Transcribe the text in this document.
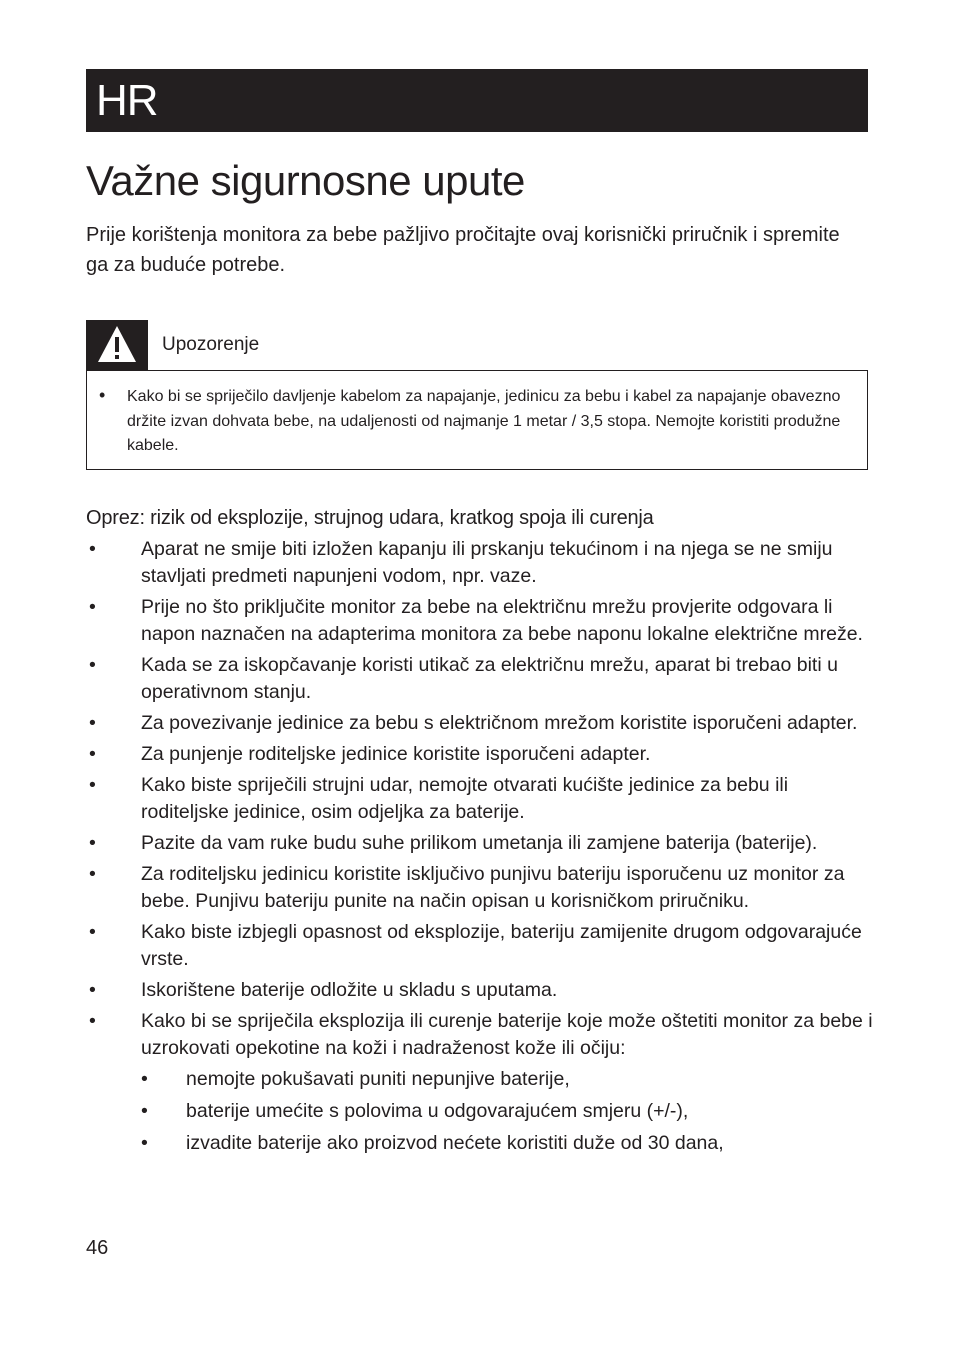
HR
Važne sigurnosne upute

Prije korištenja monitora za bebe pažljivo pročitajte ovaj korisnički priručnik i spremite ga za buduće potrebe.

Upozorenje
• Kako bi se spriječilo davljenje kabelom za napajanje, jedinicu za bebu i kabel za napajanje obavezno držite izvan dohvata bebe, na udaljenosti od najmanje 1 metar / 3,5 stopa. Nemojte koristiti produžne kabele.

Oprez: rizik od eksplozije, strujnog udara, kratkog spoja ili curenja
• Aparat ne smije biti izložen kapanju ili prskanju tekućinom i na njega se ne smiju stavljati predmeti napunjeni vodom, npr. vaze.
• Prije no što priključite monitor za bebe na električnu mrežu provjerite odgovara li napon naznačen na adapterima monitora za bebe naponu lokalne električne mreže.
• Kada se za iskopčavanje koristi utikač za električnu mrežu, aparat bi trebao biti u operativnom stanju.
• Za povezivanje jedinice za bebu s električnom mrežom koristite isporučeni adapter.
• Za punjenje roditeljske jedinice koristite isporučeni adapter.
• Kako biste spriječili strujni udar, nemojte otvarati kućište jedinice za bebu ili roditeljske jedinice, osim odjeljka za baterije.
• Pazite da vam ruke budu suhe prilikom umetanja ili zamjene baterija (baterije).
• Za roditeljsku jedinicu koristite isključivo punjivu bateriju isporučenu uz monitor za bebe. Punjivu bateriju punite na način opisan u korisničkom priručniku.
• Kako biste izbjegli opasnost od eksplozije, bateriju zamijenite drugom odgovarajuće vrste.
• Iskorištene baterije odložite u skladu s uputama.
• Kako bi se spriječila eksplozija ili curenje baterije koje može oštetiti monitor za bebe i uzrokovati opekotine na koži i nadraženost kože ili očiju:
• nemojte pokušavati puniti nepunjive baterije,
• baterije umećite s polovima u odgovarajućem smjeru (+/-),
• izvadite baterije ako proizvod nećete koristiti duže od 30 dana,
46
